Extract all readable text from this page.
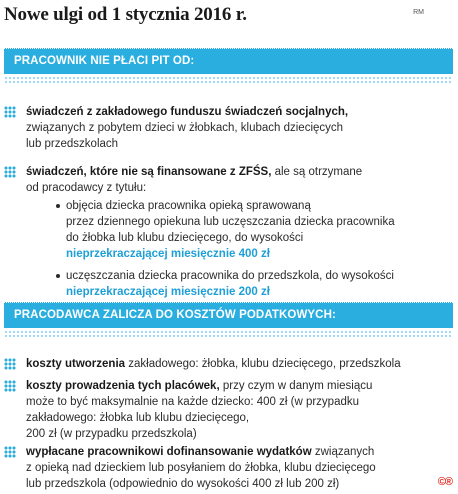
Nowe ulgi od 1 stycznia 2016 r.	RM
PRACOWNIK NIE PŁACI PIT OD:
świadczeń z zakładowego funduszu świadczeń socjalnych,
związanych z pobytem dzieci w żłobkach, klubach dziecięcych
lub przedszkolach
świadczeń, które nie są finansowane z ZFŚS, ale są otrzymane
od pracodawcy z tytułu:
objęcia dziecka pracownika opieką sprawowaną
przez dziennego opiekuna lub uczęszczania dziecka pracownika
do żłobka lub klubu dziecięcego, do wysokości
nieprzekraczającej miesięcznie 400 zł
uczęszczania dziecka pracownika do przedszkola, do wysokości
nieprzekraczającej miesięcznie 200 zł
PRACODAWCA ZALICZA DO KOSZTÓW PODATKOWYCH:
koszty utworzenia zakładowego: żłobka, klubu dziecięcego, przedszkola
koszty prowadzenia tych placówek, przy czym w danym miesiącu
może to być maksymalnie na każde dziecko: 400 zł (w przypadku
zakładowego: żłobka lub klubu dziecięcego,
200 zł (w przypadku przedszkola)
wypłacane pracownikowi dofinansowanie wydatków związanych
z opieką nad dzieckiem lub posyłaniem do żłobka, klubu dziecięcego
lub przedszkola (odpowiednio do wysokości 400 zł lub 200 zł)	©®
